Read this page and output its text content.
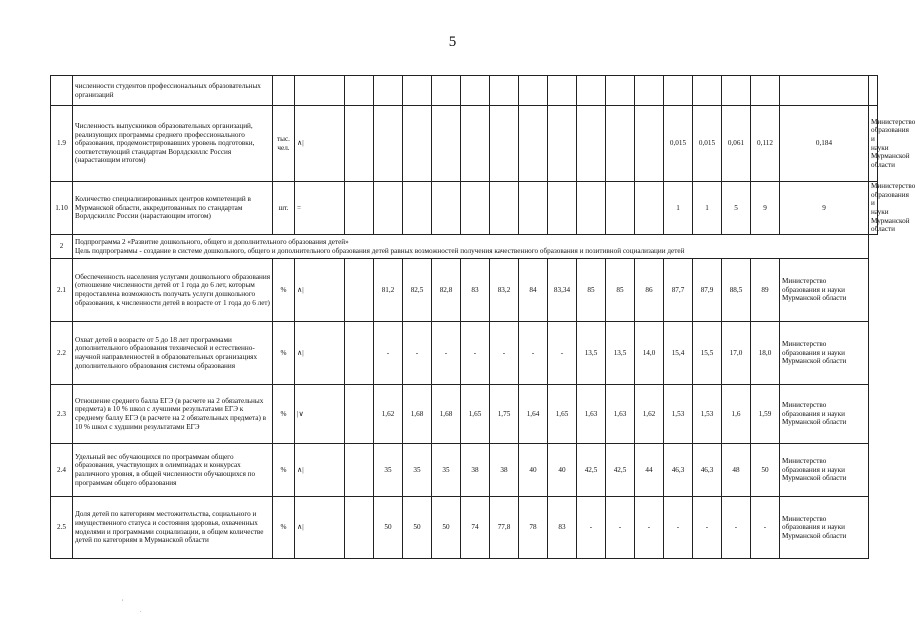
5
	численности студентов профессиональных образовательных организаций																			
1.9	Численность выпускников образовательных организаций, реализующих программы среднего профессионального образования, продемонстрировавших уровень подготовки, соответствующий стандартам Ворлдскиллс Россия (нарастающим итогом)	тыс. чел.	∧|												0,015	0,015	0,061	0,112	0,184	Министерство образования и науки Мурманской области
1.10	Количество специализированных центров компетенций в Мурманской области, аккредитованных по стандартам Ворлдскиллс России (нарастающим итогом)	шт.	=												1	1	5	9	9	Министерство образования и науки Мурманской области
2	Подпрограмма 2 «Развитие дошкольного, общего и дополнительного образования детей»
Цель подпрограммы - создание в системе дошкольного, общего и дополнительного образования детей равных возможностей получения качественного образования и позитивной социализации детей																			

2.1	Обеспеченность населения услугами дошкольного образования (отношение численности детей от 1 года до 6 лет, которым предоставлена возможность получать услуги дошкольного образования, к численности детей в возрасте от 1 года до 6 лет)	%	∧|		81,2	82,5	82,8	83	83,2	84	83,34	85	85	86	87,7	87,9	88,5	89	Министерство образования и науки Мурманской области	
2.2	Охват детей в возрасте от 5 до 18 лет программами дополнительного образования технической и естественно-научной направленностей в образовательных организациях дополнительного образования системы образования	%	∧|		-	-	-	-	-	-	-	13,5	13,5	14,0	15,4	15,5	17,0	18,0	Министерство образования и науки Мурманской области	
2.3	Отношение среднего балла ЕГЭ (в расчете на 2 обязательных предмета) в 10 % школ с лучшими результатами ЕГЭ к среднему баллу ЕГЭ (в расчете на 2 обязательных предмета) в 10 % школ с худшими результатами ЕГЭ	%	|∨		1,62	1,68	1,68	1,65	1,75	1,64	1,65	1,63	1,63	1,62	1,53	1,53	1,6	1,59	Министерство образования и науки Мурманской области	
2.4	Удельный вес обучающихся по программам общего образования, участвующих в олимпиадах и конкурсах различного уровня, в общей численности обучающихся по программам общего образования	%	∧|		35	35	35	38	38	40	40	42,5	42,5	44	46,3	46,3	48	50	Министерство образования и науки Мурманской области	
2.5	Доля детей по категориям местожительства, социального и имущественного статуса и состояния здоровья, охваченных моделями и программами социализации, в общем количестве детей по категориям в Мурманской области	%	∧|		50	50	50	74	77,8	78	83	-	-	-	-	-	-	-	Министерство образования и науки Мурманской области	
,
.
